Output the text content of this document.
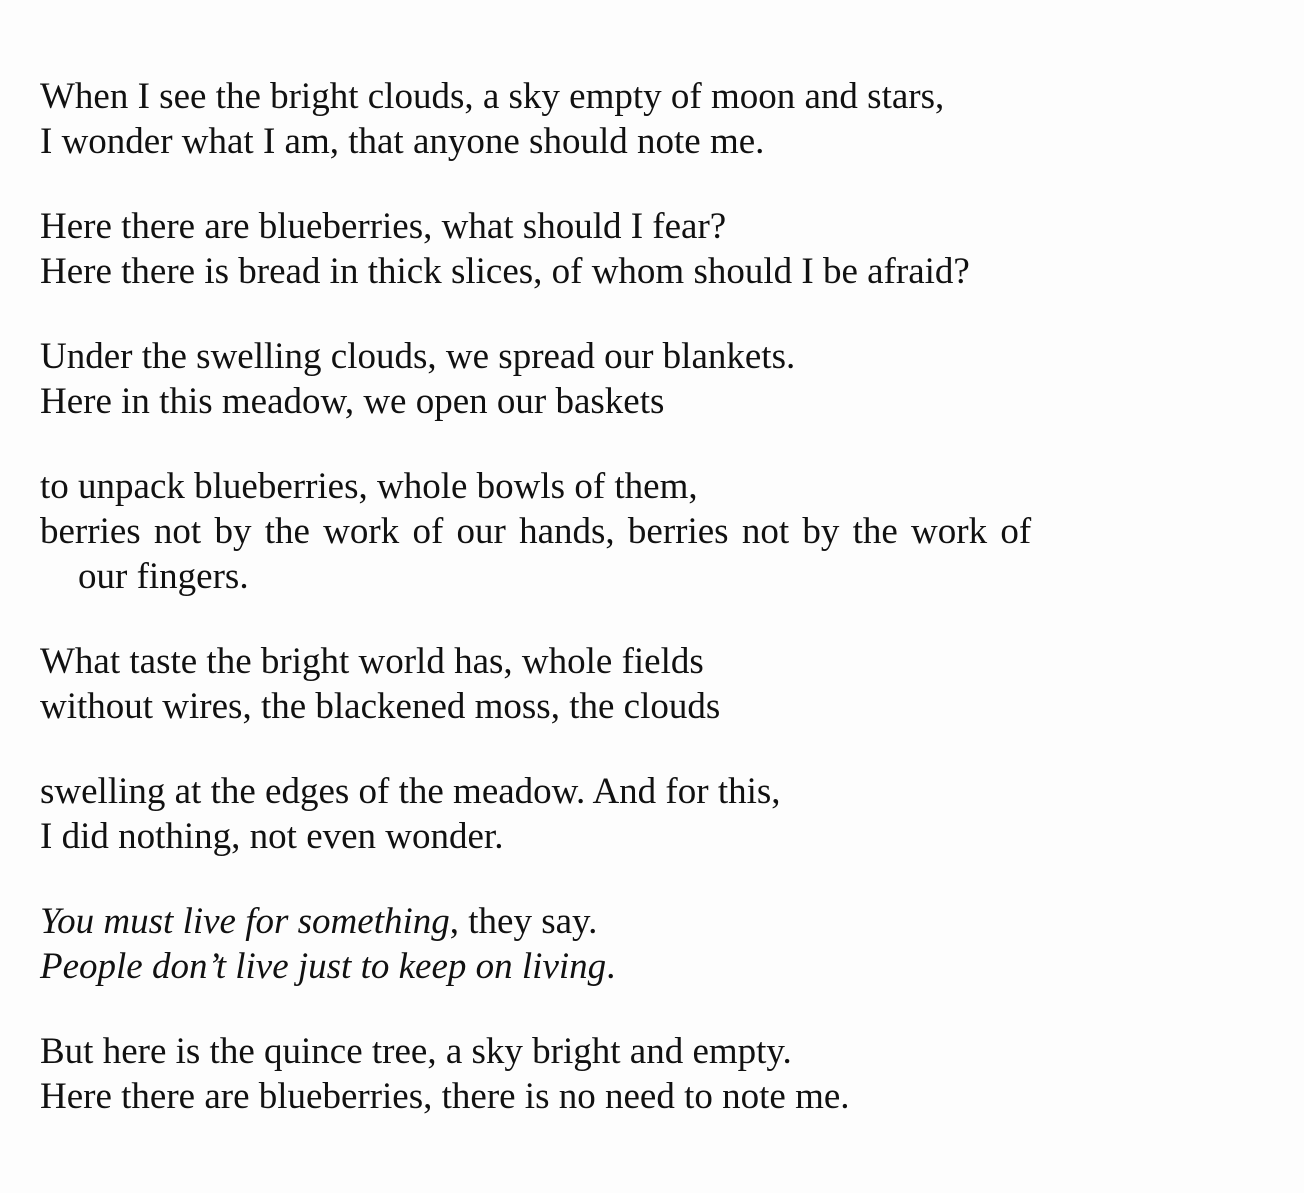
When I see the bright clouds, a sky empty of moon and stars,
I wonder what I am, that anyone should note me.
Here there are blueberries, what should I fear?
Here there is bread in thick slices, of whom should I be afraid?
Under the swelling clouds, we spread our blankets.
Here in this meadow, we open our baskets
to unpack blueberries, whole bowls of them,
berries not by the work of our hands, berries not by the work of
our fingers.
What taste the bright world has, whole fields
without wires, the blackened moss, the clouds
swelling at the edges of the meadow. And for this,
I did nothing, not even wonder.
You must live for something, they say.
People don’t live just to keep on living.
But here is the quince tree, a sky bright and empty.
Here there are blueberries, there is no need to note me.
